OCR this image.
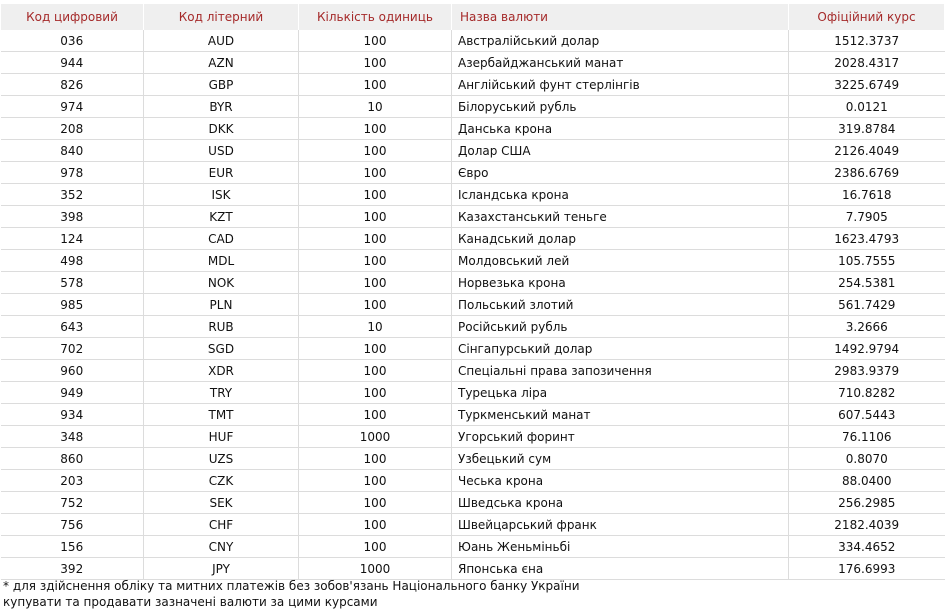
Код цифровий	Код літерний	Кількість одиниць	Назва валюти	Офіційний курс
036	AUD	100	Австралійський долар	1512.3737
944	AZN	100	Азербайджанський манат	2028.4317
826	GBP	100	Англійський фунт стерлінгів	3225.6749
974	BYR	10	Білоруський рубль	0.0121
208	DKK	100	Данська крона	319.8784
840	USD	100	Долар США	2126.4049
978	EUR	100	Євро	2386.6769
352	ISK	100	Ісландська крона	16.7618
398	KZT	100	Казахстанський теньге	7.7905
124	CAD	100	Канадський долар	1623.4793
498	MDL	100	Молдовський лей	105.7555
578	NOK	100	Норвезька крона	254.5381
985	PLN	100	Польський злотий	561.7429
643	RUB	10	Російський рубль	3.2666
702	SGD	100	Сінгапурський долар	1492.9794
960	XDR	100	Спеціальні права запозичення	2983.9379
949	TRY	100	Турецька ліра	710.8282
934	TMT	100	Туркменський манат	607.5443
348	HUF	1000	Угорський форинт	76.1106
860	UZS	100	Узбецький сум	0.8070
203	CZK	100	Чеська крона	88.0400
752	SEK	100	Шведська крона	256.2985
756	CHF	100	Швейцарський франк	2182.4039
156	CNY	100	Юань Женьміньбі	334.4652
392	JPY	1000	Японська єна	176.6993
* для здійснення обліку та митних платежів без зобов'язань Національного банку України
купувати та продавати зазначені валюти за цими курсами
